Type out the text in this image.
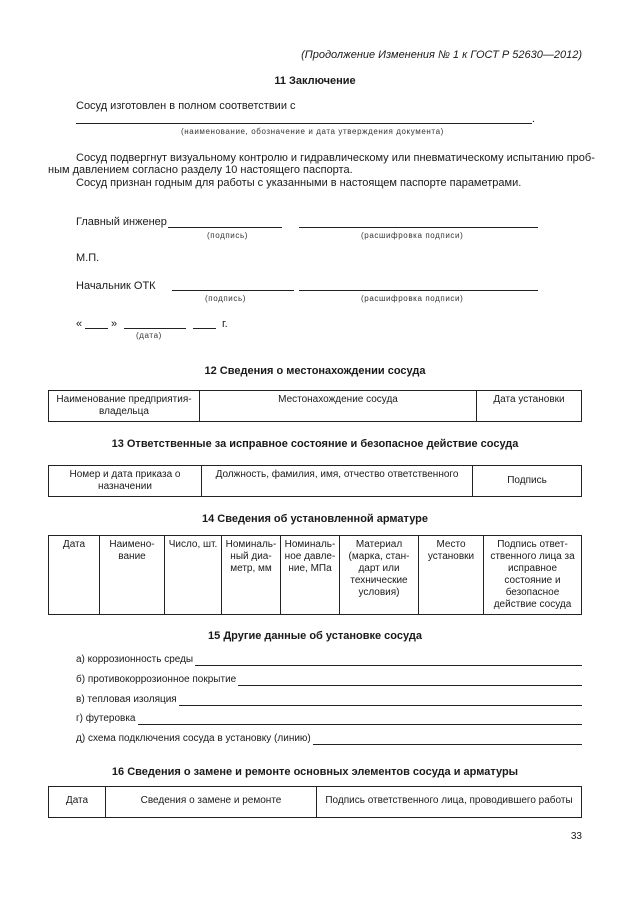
(Продолжение Изменения № 1 к ГОСТ Р 52630—2012)
11 Заключение
Сосуд изготовлен в полном соответствии с
.
(наименование, обозначение и дата утверждения документа)
Сосуд подвергнут визуальному контролю и гидравлическому или пневматическому испытанию проб-
ным давлением согласно разделу 10 настоящего паспорта.
Сосуд признан годным для работы с указанными в настоящем паспорте параметрами.
Главный инженер
(подпись)	(расшифровка подписи)
М.П.
Начальник ОТК
(подпись)	(расшифровка подписи)
«	»	г.
(дата)
12 Сведения о местонахождении сосуда
Наименование предприятия-владельца	Местонахождение сосуда	Дата установки
13 Ответственные за исправное состояние и безопасное действие сосуда
Номер и дата приказа о назначении	Должность, фамилия, имя, отчество ответственного	Подпись
14 Сведения об установленной арматуре
Дата	Наимено-вание	Число, шт.	Номиналь-ный диа-метр, мм	Номиналь-ное давле-ние, МПа	Материал (марка, стан-дарт или технические условия)	Место установки	Подпись ответ-ственного лица за исправное состояние и безопасное действие сосуда
15 Другие данные об установке сосуда
а) коррозионность среды
б) противокоррозионное покрытие
в) тепловая изоляция
г) футеровка
д) схема подключения сосуда в установку (линию)
16 Сведения о замене и ремонте основных элементов сосуда и арматуры
Дата	Сведения о замене и ремонте	Подпись ответственного лица, проводившего работы
33
